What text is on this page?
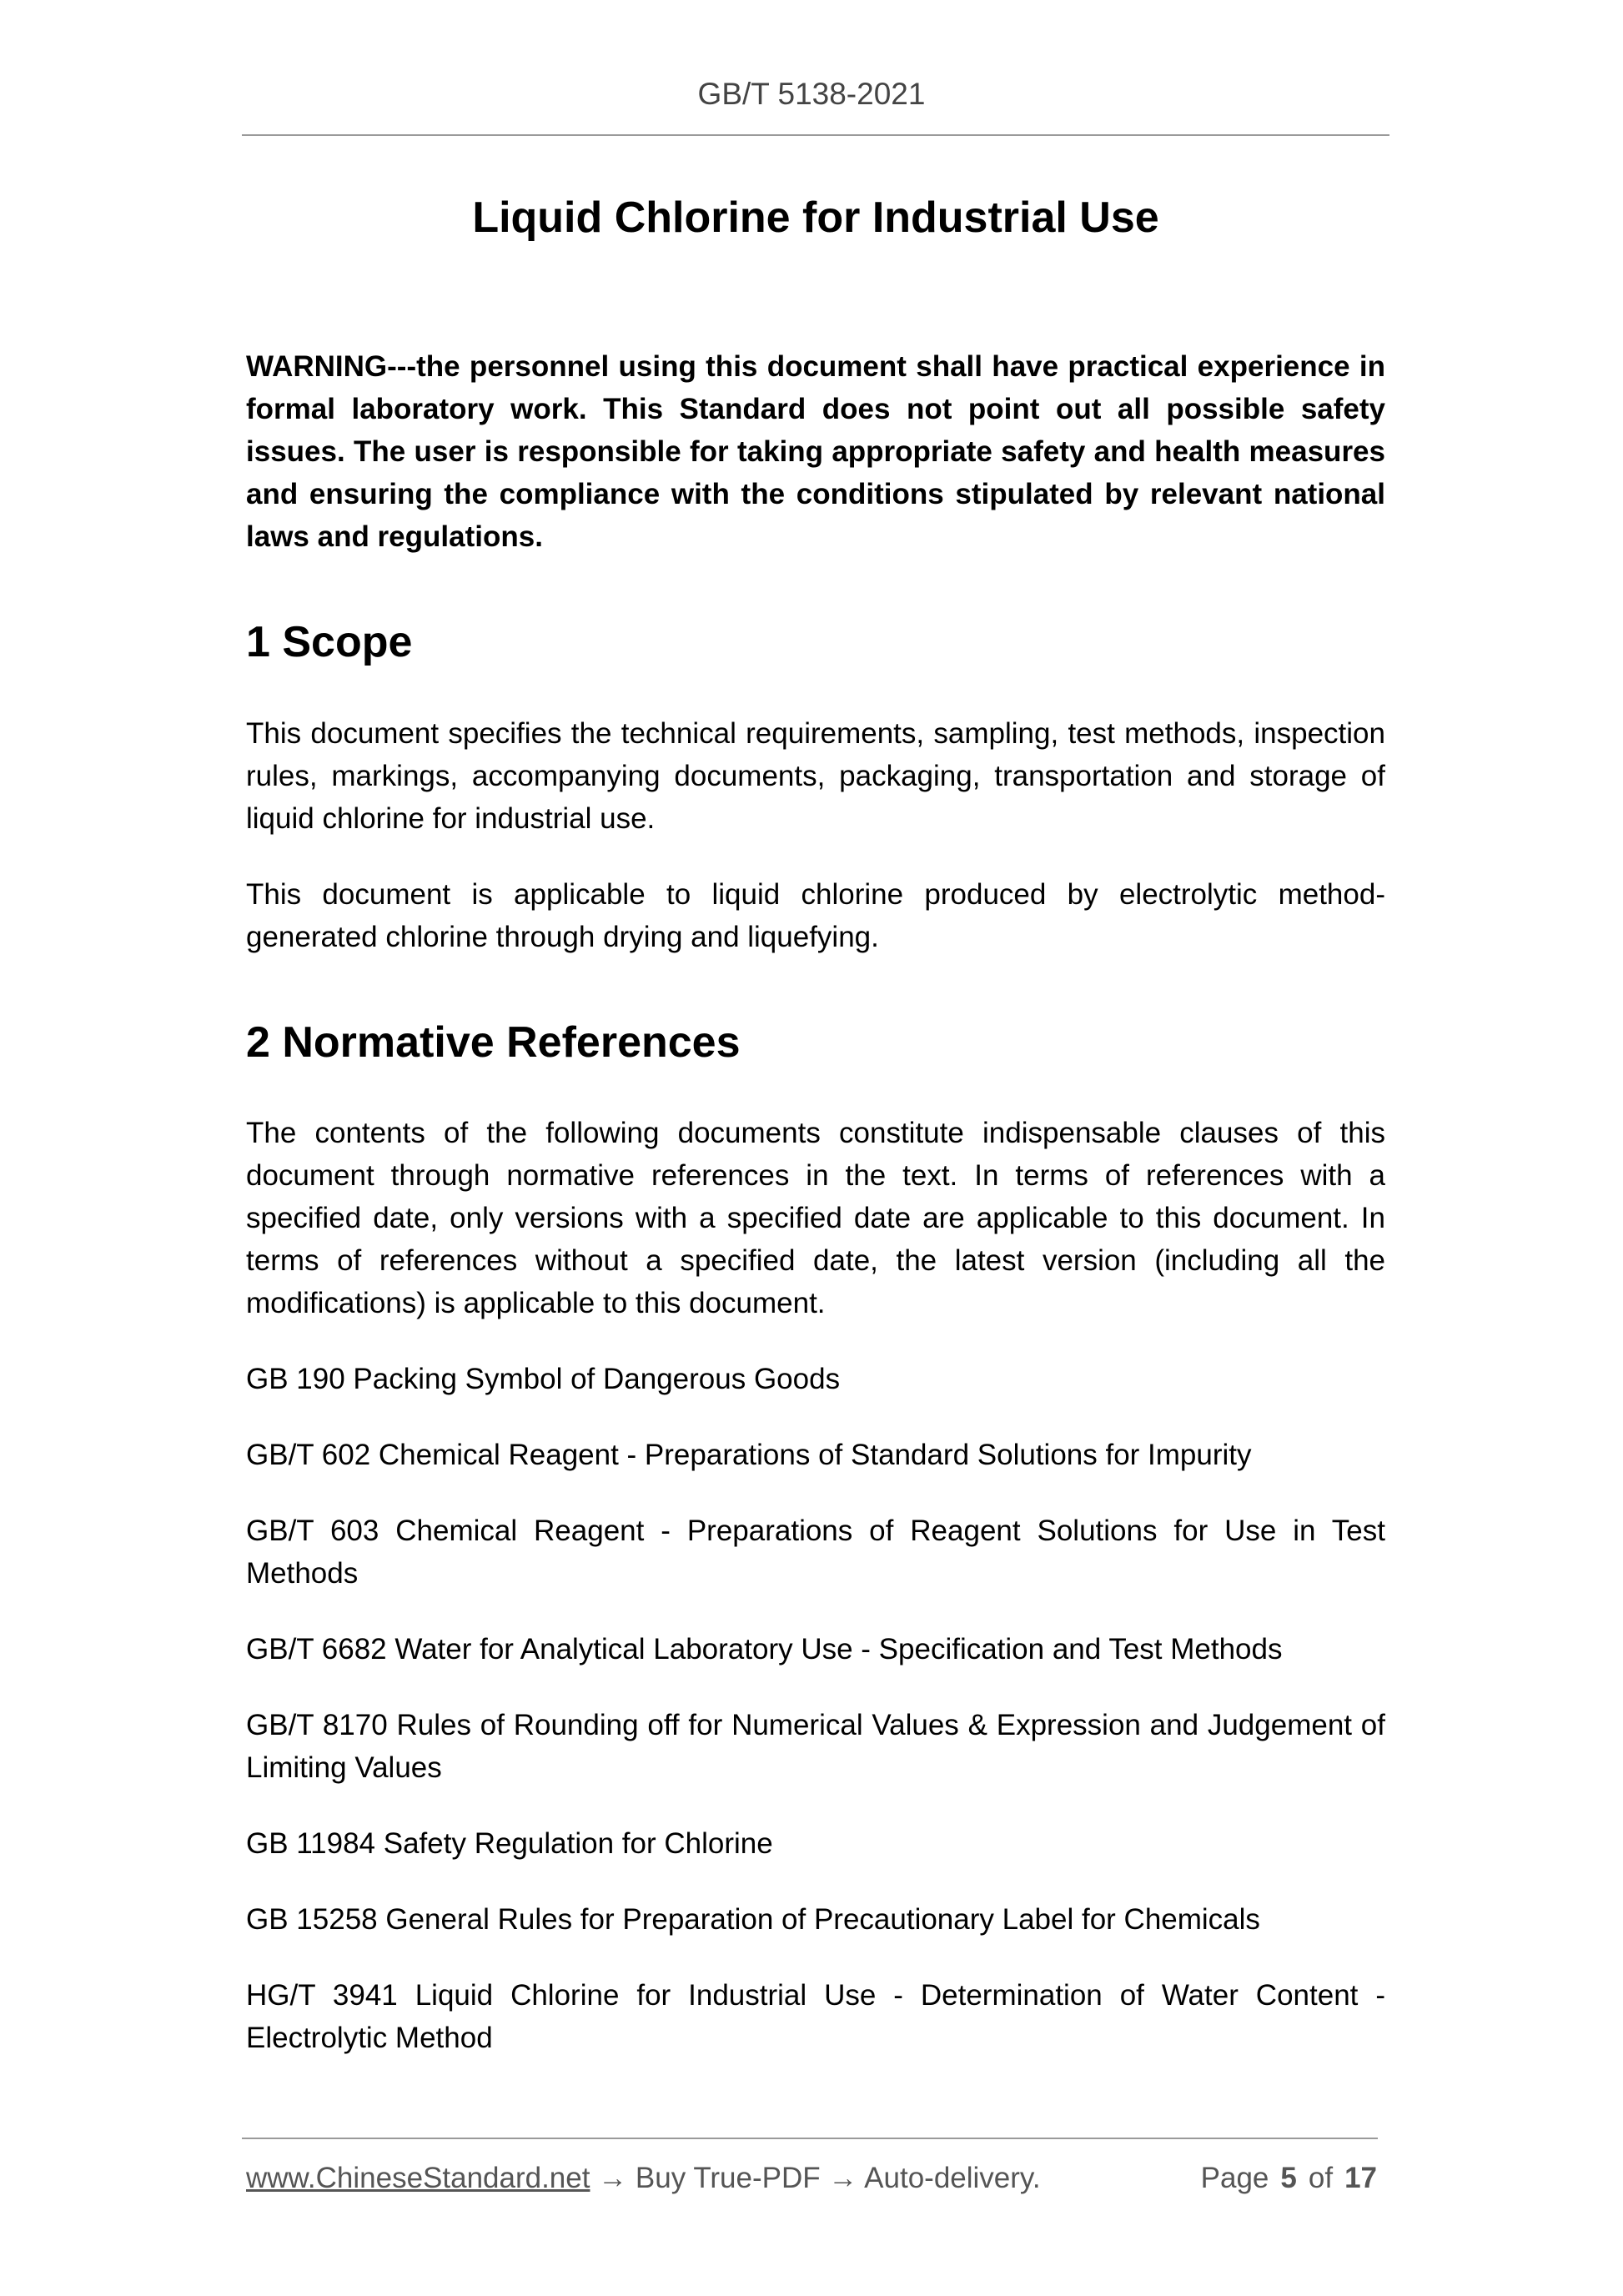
GB/T 5138-2021
Liquid Chlorine for Industrial Use

WARNING---the personnel using this document shall have practical experience in formal laboratory work. This Standard does not point out all possible safety issues. The user is responsible for taking appropriate safety and health measures and ensuring the compliance with the conditions stipulated by relevant national laws and regulations.

1 Scope

This document specifies the technical requirements, sampling, test methods, inspection rules, markings, accompanying documents, packaging, transportation and storage of liquid chlorine for industrial use.

This document is applicable to liquid chlorine produced by electrolytic method-generated chlorine through drying and liquefying.

2 Normative References

The contents of the following documents constitute indispensable clauses of this document through normative references in the text. In terms of references with a specified date, only versions with a specified date are applicable to this document. In terms of references without a specified date, the latest version (including all the modifications) is applicable to this document.

GB 190 Packing Symbol of Dangerous Goods

GB/T 602 Chemical Reagent - Preparations of Standard Solutions for Impurity

GB/T 603 Chemical Reagent - Preparations of Reagent Solutions for Use in Test Methods

GB/T 6682 Water for Analytical Laboratory Use - Specification and Test Methods

GB/T 8170 Rules of Rounding off for Numerical Values & Expression and Judgement of Limiting Values

GB 11984 Safety Regulation for Chlorine

GB 15258 General Rules for Preparation of Precautionary Label for Chemicals

HG/T 3941 Liquid Chlorine for Industrial Use - Determination of Water Content - Electrolytic Method

www.ChineseStandard.net → Buy True-PDF → Auto-delivery.	Page 5 of 17
